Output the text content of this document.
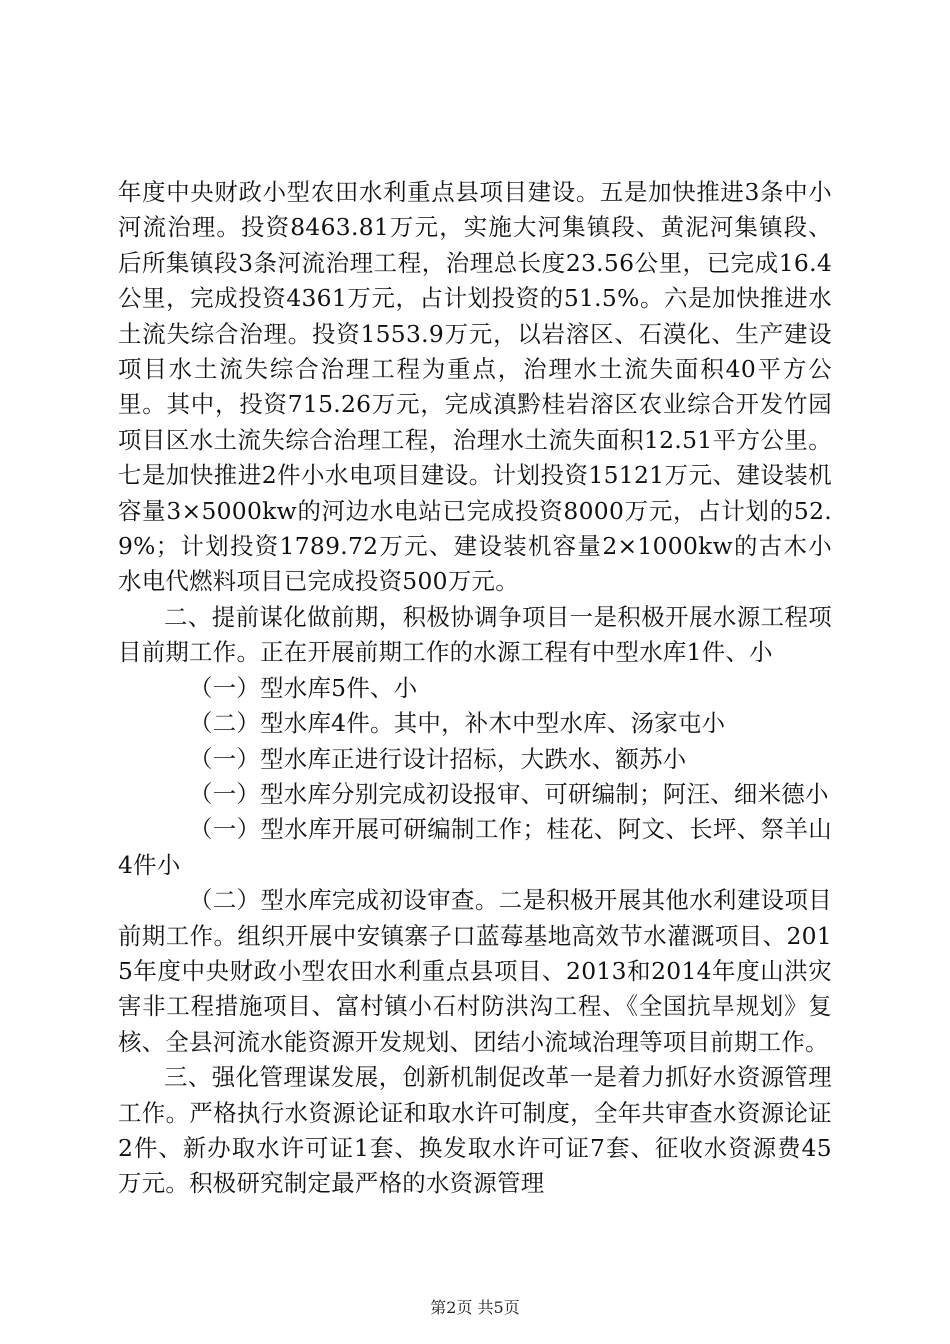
年度中央财政小型农田水利重点县项目建设。五是加快推进3条中小河流治理。投资8463.81万元，实施大河集镇段、黄泥河集镇段、后所集镇段3条河流治理工程，治理总长度23.56公里，已完成16.4公里，完成投资4361万元，占计划投资的51.5%。六是加快推进水土流失综合治理。投资1553.9万元，以岩溶区、石漠化、生产建设项目水土流失综合治理工程为重点，治理水土流失面积40平方公里。其中，投资715.26万元，完成滇黔桂岩溶区农业综合开发竹园项目区水土流失综合治理工程，治理水土流失面积12.51平方公里。七是加快推进2件小水电项目建设。计划投资15121万元、建设装机容量3×5000kw的河边水电站已完成投资8000万元，占计划的52.9%；计划投资1789.72万元、建设装机容量2×1000kw的古木小水电代燃料项目已完成投资500万元。

二、提前谋化做前期，积极协调争项目一是积极开展水源工程项目前期工作。正在开展前期工作的水源工程有中型水库1件、小

（一）型水库5件、小

（二）型水库4件。其中，补木中型水库、汤家屯小

（一）型水库正进行设计招标，大跌水、额苏小

（一）型水库分别完成初设报审、可研编制；阿汪、细米德小

（一）型水库开展可研编制工作；桂花、阿文、长坪、祭羊山4件小

（二）型水库完成初设审查。二是积极开展其他水利建设项目前期工作。组织开展中安镇寨子口蓝莓基地高效节水灌溉项目、2015年度中央财政小型农田水利重点县项目、2013和2014年度山洪灾害非工程措施项目、富村镇小石村防洪沟工程、《全国抗旱规划》复核、全县河流水能资源开发规划、团结小流域治理等项目前期工作。

三、强化管理谋发展，创新机制促改革一是着力抓好水资源管理工作。严格执行水资源论证和取水许可制度，全年共审查水资源论证2件、新办取水许可证1套、换发取水许可证7套、征收水资源费45万元。积极研究制定最严格的水资源管理

第2页 共5页
